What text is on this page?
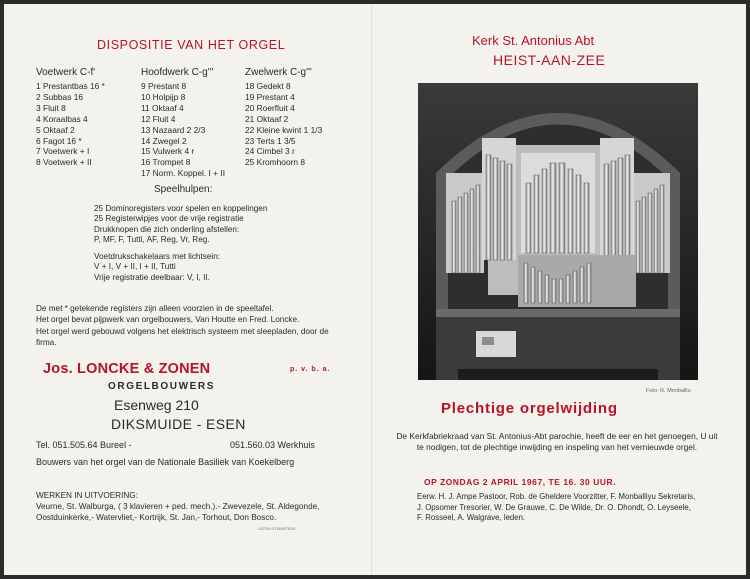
DISPOSITIE VAN HET ORGEL
Voetwerk C-f'
1 Prestantbas 16 *
2 Subbas 16
3 Fluit 8
4 Koraalbas 4
5 Oktaaf 2
6 Fagot 16 *
7 Voetwerk + I
8 Voetwerk + II
Hoofdwerk C-g'''
9 Prestant 8
10 Holpijp 8
11 Oktaaf 4
12 Fluit 4
13 Nazaard 2 2/3
14 Zwegel 2
15 Vulwerk 4 r
16 Trompet 8
17 Norm. Koppel. I + II
Zwelwerk C-g'''
18 Gedekt 8
19 Prestant 4
20 Roerfluit 4
21 Oktaaf 2
22 Kleine kwint 1 1/3
23 Terts 1 3/5
24 Cimbel 3 r
25 Kromhoorn 8
Speelhulpen:
25 Dominoregisters voor spelen en koppelingen
25 Registerwipjes voor de vrije registratie
Drukknopen die zich onderling afstellen:
P, MF, F, Tutti, AF, Reg, Vr, Reg.
Voetdrukschakelaars met lichtsein:
V + I, V + II, I + II, Tutti
Vrije registratie deelbaar: V, I, II.

De met * getekende registers zijn alleen voorzien in de speeltafel.

Het orgel bevat pijpwerk van orgelbouwers, Van Houtte en Fred. Loncke.

Het orgel werd gebouwd volgens het elektrisch systeem met sleepladen, door de firma.

Jos. LONCKE & ZONEN	p. v. b. a.
ORGELBOUWERS
Esenweg 210
DIKSMUIDE - ESEN
Tel. 051.505.64 Bureel -	051.560.03 Werkhuis
Bouwers van het orgel van de Nationale Basiliek van Koekelberg
WERKEN IN UITVOERING:
Veurne, St. Walburga, ( 3 klavieren + ped. mech.).- Zwevezele, St. Aldegonde,
Oostduinkerke,- Watervliet,- Kortrijk, St. Jan,- Torhout, Don Bosco.
LATEM ST.MARTENS
Kerk St. Antonius Abt
HEIST-AAN-ZEE
Foto: R. Monballiu
Plechtige orgelwijding
De Kerkfabriekraad van St. Antonius-Abt parochie, heeft de eer en het genoegen, U uit te nodigen, tot de plechtige inwijding en inspeling van het vernieuwde orgel.
OP ZONDAG 2 APRIL 1967, TE 16. 30 UUR.
Eerw. H. J. Ampe Pastoor, Rob. de Gheldere Voorzitter, F. Monballiyu Sekretaris, J. Opsomer Tresorier, W. De Grauwe, C. De Wilde, Dr. O. Dhondt, O. Leyseele, F. Rosseel, A. Walgrave, leden.
